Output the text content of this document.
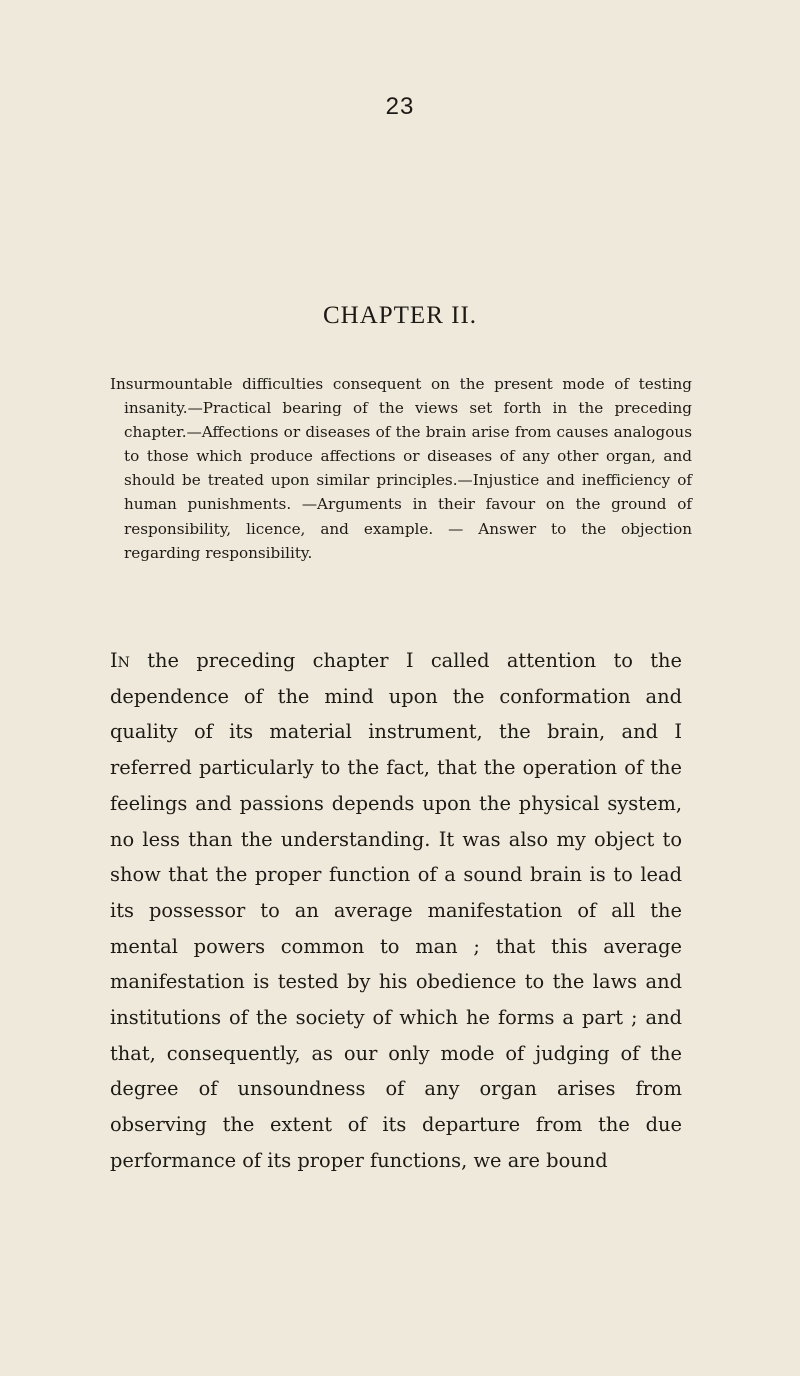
23
CHAPTER II.

Insurmountable difficulties consequent on the present mode of testing insanity.—Practical bearing of the views set forth in the preceding chapter.—Affections or diseases of the brain arise from causes analogous to those which produce affections or diseases of any other organ, and should be treated upon similar principles.—Injustice and inefficiency of human punishments. —Arguments in their favour on the ground of responsibility, licence, and example. — Answer to the objection regarding responsibility.

In the preceding chapter I called attention to the dependence of the mind upon the conformation and quality of its material instrument, the brain, and I referred particularly to the fact, that the operation of the feelings and passions depends upon the physical system, no less than the understanding. It was also my object to show that the proper function of a sound brain is to lead its possessor to an average manifestation of all the mental powers common to man ; that this average manifestation is tested by his obedience to the laws and institutions of the society of which he forms a part ; and that, consequently, as our only mode of judging of the degree of unsoundness of any organ arises from observing the extent of its departure from the due performance of its proper functions, we are bound
